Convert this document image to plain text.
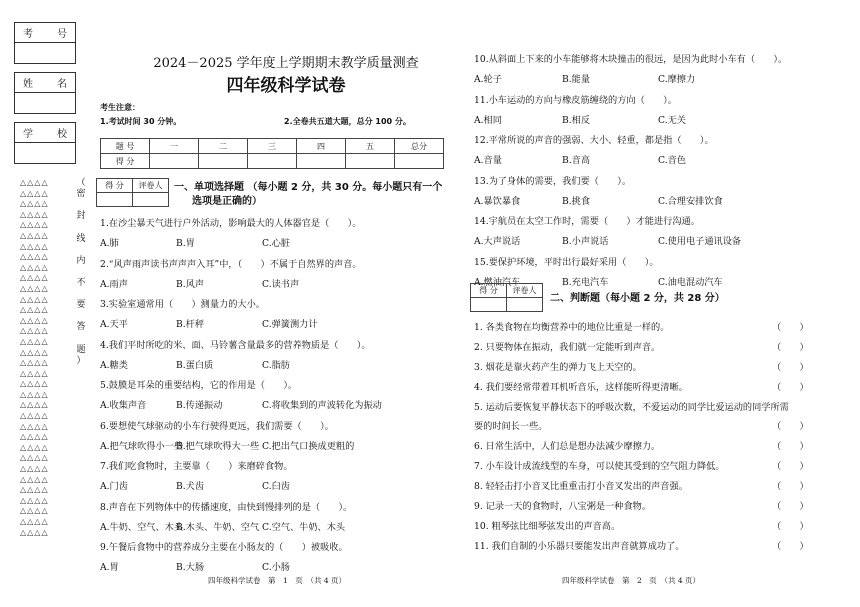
考 号
姓 名
学 校
△△△△
△△△△
△△△△
△△△△
△△△△
△△△△
△△△△
△△△△
△△△△
△△△△
△△△△
△△△△
△△△△
△△△△
△△△△
△△△△
△△△△
△△△△
△△△△
△△△△
△△△△
△△△△
△△△△
△△△△
△△△△
△△△△
△△△△
△△△△
△△△△
△△△△
△△△△
△△△△
△△△△
△△△△
（
密
封
线
内
不
要
答
题
）
2024－2025 学年度上学期期末教学质量测查
四年级科学试卷
考生注意：
1.考试时间 30 分钟。	2.全卷共五道大题，总分 100 分。
题 号	一	二	三	四	五	总分
得 分						
得 分	评卷人
	一、单项选择题 （每小题 2 分，共 30 分。每小题只有一个
选项是正确的）
1.在沙尘暴天气进行户外活动，影响最大的人体器官是（　　）。
A.肺	B.胃	C.心脏
2.“风声雨声读书声声声入耳”中，（　　）不属于自然界的声音。
A.雨声	B.风声	C.读书声
3.实验室通常用（　　）测量力的大小。
A.天平	B.杆秤	C.弹簧测力计
4.我们平时所吃的米、面、马铃薯含量最多的营养物质是（　　）。
A.糖类	B.蛋白质	C.脂肪
5.鼓膜是耳朵的重要结构，它的作用是（　　）。
A.收集声音	B.传递振动	C.将收集到的声波转化为振动
6.要想使气球驱动的小车行驶得更远，我们需要（　　）。
A.把气球吹得小一些
B.把气球吹得大一些 C.把出气口换成更粗的
7.我们吃食物时，主要靠（　　）来磨碎食物。
A.门齿	B.犬齿	C.臼齿
8.声音在下列物体中的传播速度，由快到慢排列的是（　　）。
A.牛奶、空气、木头
B.木头、牛奶、空气 C.空气、牛奶、木头
9.午餐后食物中的营养成分主要在小肠友的（　　）被吸收。
A.胃	B.大肠	C.小肠
四年级科学试卷　第　1　页　（共 4 页）
10.从斜面上下来的小车能够将木块撞击的很远，是因为此时小车有（　　）。
A.轮子	B.能量	C.摩擦力
11.小车运动的方向与橡皮筋缠绕的方向（　　）。
A.相同	B.相反	C.无关
12.平常所说的声音的强弱、大小、轻重，都是指（　　）。
A.音量	B.音高	C.音色
13.为了身体的需要，我们要（　　）。
A.暴饮暴食	B.挑食	C.合理安排饮食
14.宇航员在太空工作时，需要（　　）才能进行沟通。
A.大声说话	B.小声说话	C.使用电子通讯设备
15.要保护环境，平时出行最好采用（　　）。
A.燃油汽车	B.充电汽车	C.油电混动汽车
得 分	评卷人

二、判断题（每小题 2 分，共 28 分）
1. 各类食物在均衡营养中的地位比重是一样的。	（　　）
2. 只要物体在振动，我们就一定能听到声音。	（　　）
3. 烟花是靠火药产生的弹力飞上天空的。	（　　）
4. 我们要经常带着耳机听音乐，这样能听得更清晰。	（　　）
5. 运动后要恢复平静状态下的呼吸次数，不爱运动的同学比爱运动的同学所需
要的时间长一些。	（　　）
6. 日常生活中，人们总是想办法减少摩擦力。	（　　）
7. 小车设计成流线型的车身，可以使其受到的空气阻力降低。	（　　）
8. 轻轻击打小音叉比重重击打小音叉发出的声音强。	（　　）
9. 记录一天的食物时，八宝粥是一种食物。	（　　）
10. 粗琴弦比细琴弦发出的声音高。	（　　）
11. 我们自制的小乐器只要能发出声音就算成功了。	（　　）
四年级科学试卷　第　2　页　（共 4 页）
